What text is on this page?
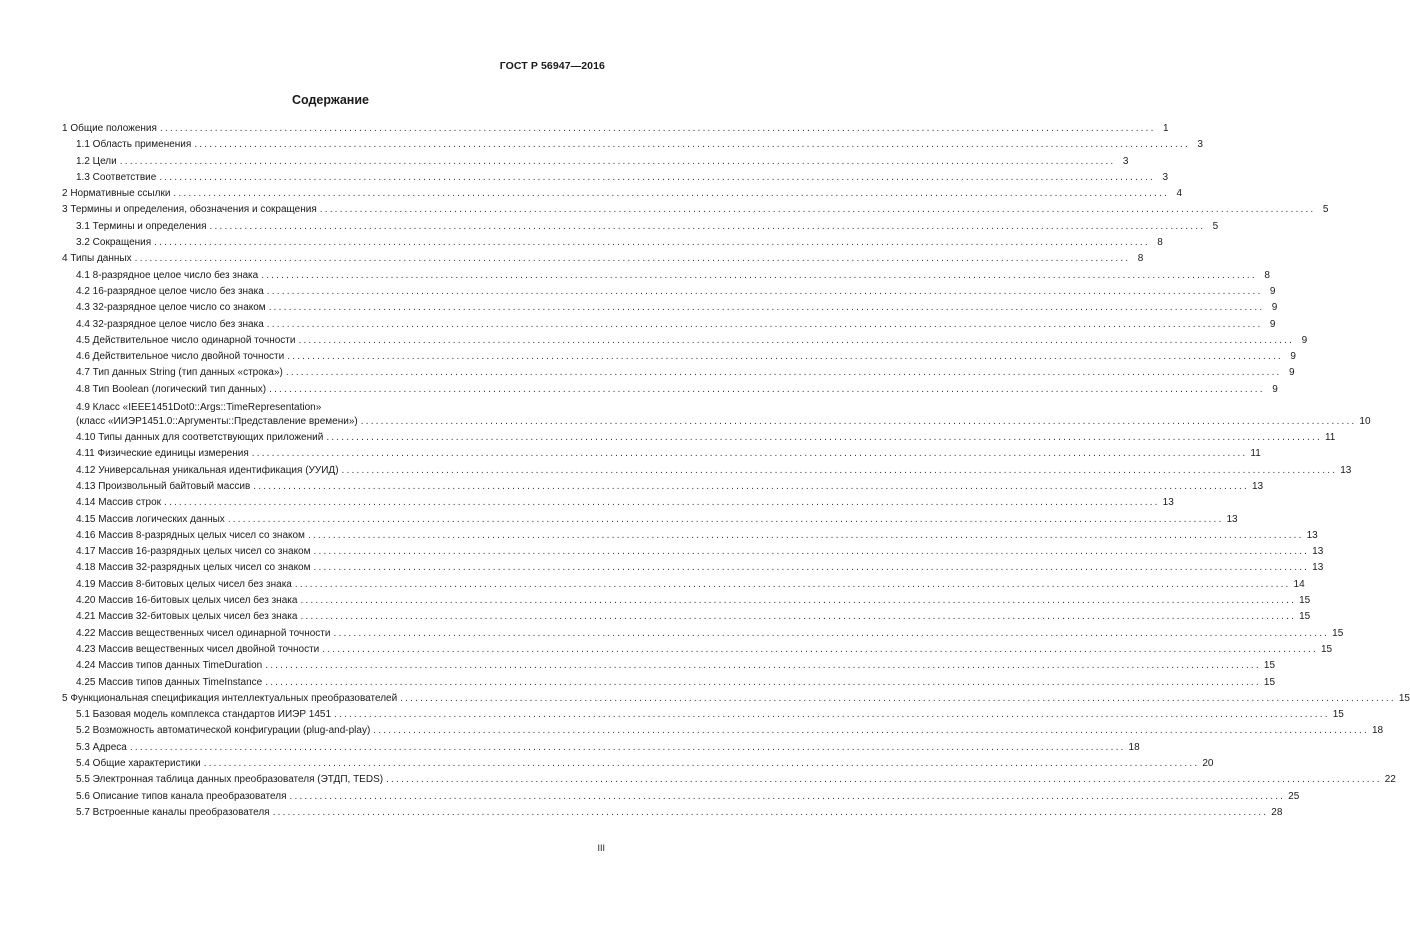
ГОСТ Р 56947—2016
Содержание
1 Общие положения ........................................................................................................................................................................................................ 1
1.1 Область применения ........................................................................................................................................................................................................ 3
1.2 Цели ........................................................................................................................................................................................................ 3
1.3 Соответствие ........................................................................................................................................................................................................ 3
2 Нормативные ссылки ........................................................................................................................................................................................................ 4
3 Термины и определения, обозначения и сокращения ........................................................................................................................................................................................................ 5
3.1 Термины и определения ........................................................................................................................................................................................................ 5
3.2 Сокращения ........................................................................................................................................................................................................ 8
4 Типы данных ........................................................................................................................................................................................................ 8
4.1 8-разрядное целое число без знака ........................................................................................................................................................................................................ 8
4.2 16-разрядное целое число без знака ........................................................................................................................................................................................................ 9
4.3 32-разрядное целое число со знаком ........................................................................................................................................................................................................ 9
4.4 32-разрядное целое число без знака ........................................................................................................................................................................................................ 9
4.5 Действительное число одинарной точности ........................................................................................................................................................................................................ 9
4.6 Действительное число двойной точности ........................................................................................................................................................................................................ 9
4.7 Тип данных String (тип данных «строка») ........................................................................................................................................................................................................ 9
4.8 Тип Boolean (логический тип данных) ........................................................................................................................................................................................................ 9
4.9 Класс «IEEE1451Dot0::Args::TimeRepresentation»
(класс «ИИЭР1451.0::Аргументы::Представление времени») ........................................................................................................................................................................................................ 10
4.10 Типы данных для соответствующих приложений ........................................................................................................................................................................................................ 11
4.11 Физические единицы измерения ........................................................................................................................................................................................................ 11
4.12 Универсальная уникальная идентификация (УУИД) ........................................................................................................................................................................................................ 13
4.13 Произвольный байтовый массив ........................................................................................................................................................................................................ 13
4.14 Массив строк ........................................................................................................................................................................................................ 13
4.15 Массив логических данных ........................................................................................................................................................................................................ 13
4.16 Массив 8-разрядных целых чисел со знаком ........................................................................................................................................................................................................ 13
4.17 Массив 16-разрядных целых чисел со знаком ........................................................................................................................................................................................................ 13
4.18 Массив 32-разрядных целых чисел со знаком ........................................................................................................................................................................................................ 13
4.19 Массив 8-битовых целых чисел без знака ........................................................................................................................................................................................................ 14
4.20 Массив 16-битовых целых чисел без знака ........................................................................................................................................................................................................ 15
4.21 Массив 32-битовых целых чисел без знака ........................................................................................................................................................................................................ 15
4.22 Массив вещественных чисел одинарной точности ........................................................................................................................................................................................................ 15
4.23 Массив вещественных чисел двойной точности ........................................................................................................................................................................................................ 15
4.24 Массив типов данных TimeDuration ........................................................................................................................................................................................................ 15
4.25 Массив типов данных TimeInstance ........................................................................................................................................................................................................ 15
5 Функциональная спецификация интеллектуальных преобразователей ........................................................................................................................................................................................................ 15
5.1 Базовая модель комплекса стандартов ИИЭР 1451 ........................................................................................................................................................................................................ 15
5.2 Возможность автоматической конфигурации (plug-and-play) ........................................................................................................................................................................................................ 18
5.3 Адреса ........................................................................................................................................................................................................ 18
5.4 Общие характеристики ........................................................................................................................................................................................................ 20
5.5 Электронная таблица данных преобразователя (ЭТДП, TEDS) ........................................................................................................................................................................................................ 22
5.6 Описание типов канала преобразователя ........................................................................................................................................................................................................ 25
5.7 Встроенные каналы преобразователя ........................................................................................................................................................................................................ 28
III
